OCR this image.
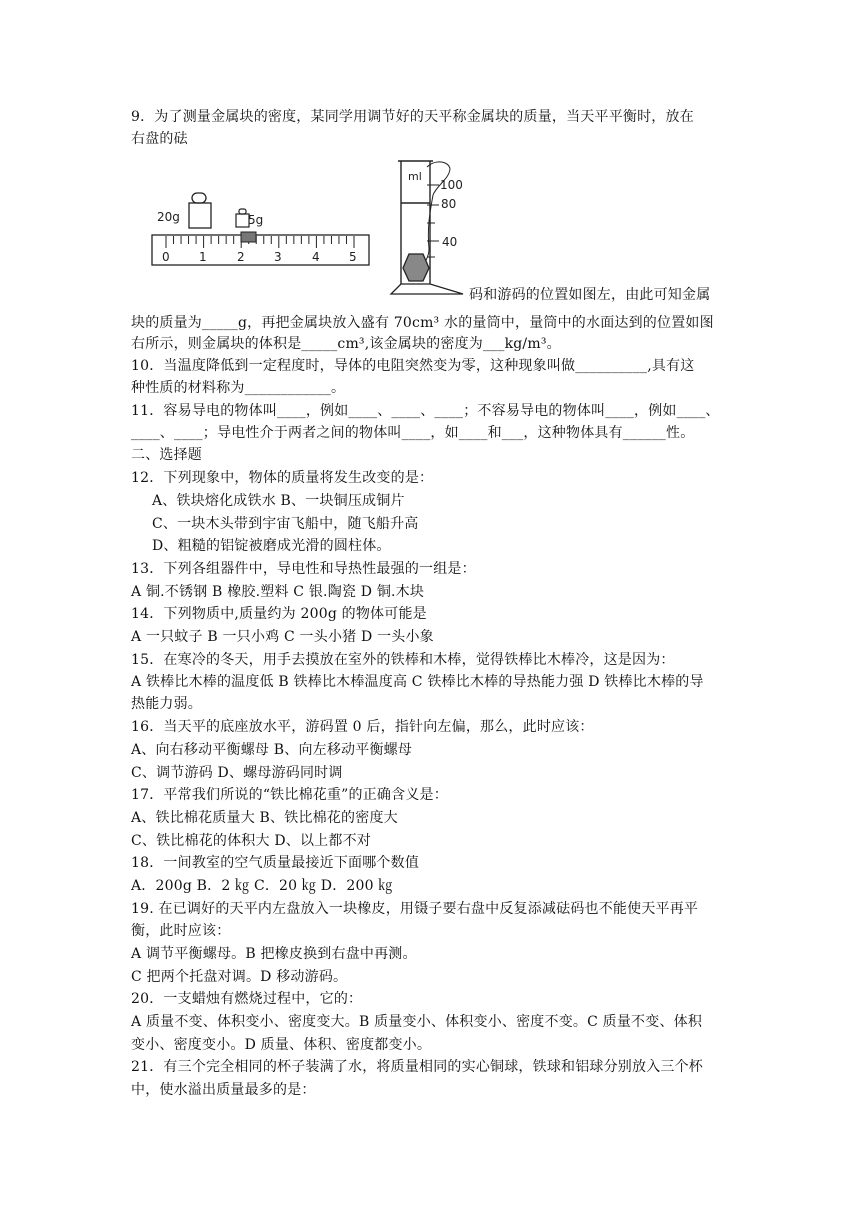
9．为了测量金属块的密度，某同学用调节好的天平称金属块的质量，当天平平衡时，放在
右盘的砝
码和游码的位置如图左，由此可知金属
块的质量为_____g，再把金属块放入盛有 70cm³ 水的量筒中，量筒中的水面达到的位置如图
右所示，则金属块的体积是_____cm³,该金属块的密度为___kg/m³。
10．当温度降低到一定程度时，导体的电阻突然变为零，这种现象叫做__________,具有这
种性质的材料称为____________。
11．容易导电的物体叫____，例如____、____、____；不容易导电的物体叫____，例如____、
____、____；导电性介于两者之间的物体叫____，如____和___，这种物体具有______性。
二、选择题
12．下列现象中，物体的质量将发生改变的是：
A、铁块熔化成铁水 B、一块铜压成铜片
C、一块木头带到宇宙飞船中，随飞船升高
D、粗糙的铝锭被磨成光滑的圆柱体。
13．下列各组器件中，导电性和导热性最强的一组是：
A 铜.不锈钢 B 橡胶.塑料 C 银.陶瓷 D 铜.木块
14．下列物质中,质量约为 200g 的物体可能是
A 一只蚊子 B 一只小鸡 C 一头小猪 D 一头小象
15．在寒冷的冬天，用手去摸放在室外的铁棒和木棒，觉得铁棒比木棒冷，这是因为：
A 铁棒比木棒的温度低 B 铁棒比木棒温度高 C 铁棒比木棒的导热能力强 D 铁棒比木棒的导
热能力弱。
16．当天平的底座放水平，游码置 0 后，指针向左偏，那么，此时应该：
A、向右移动平衡螺母 B、向左移动平衡螺母
C、调节游码 D、螺母游码同时调
17．平常我们所说的“铁比棉花重”的正确含义是：
A、铁比棉花质量大 B、铁比棉花的密度大
C、铁比棉花的体积大 D、以上都不对
18．一间教室的空气质量最接近下面哪个数值
A．200g B．2 ㎏ C．20 ㎏ D．200 ㎏
19. 在已调好的天平内左盘放入一块橡皮，用镊子要右盘中反复添减砝码也不能使天平再平
衡，此时应该：
A 调节平衡螺母。B 把橡皮换到右盘中再测。
C 把两个托盘对调。D 移动游码。
20．一支蜡烛有燃烧过程中，它的：
A 质量不变、体积变小、密度变大。B 质量变小、体积变小、密度不变。C 质量不变、体积
变小、密度变小。D 质量、体积、密度都变小。
21．有三个完全相同的杯子装满了水，将质量相同的实心铜球，铁球和铝球分别放入三个杯
中，使水溢出质量最多的是：
20g	5g
0 1	2 3	4 5
ml
100
80
40
